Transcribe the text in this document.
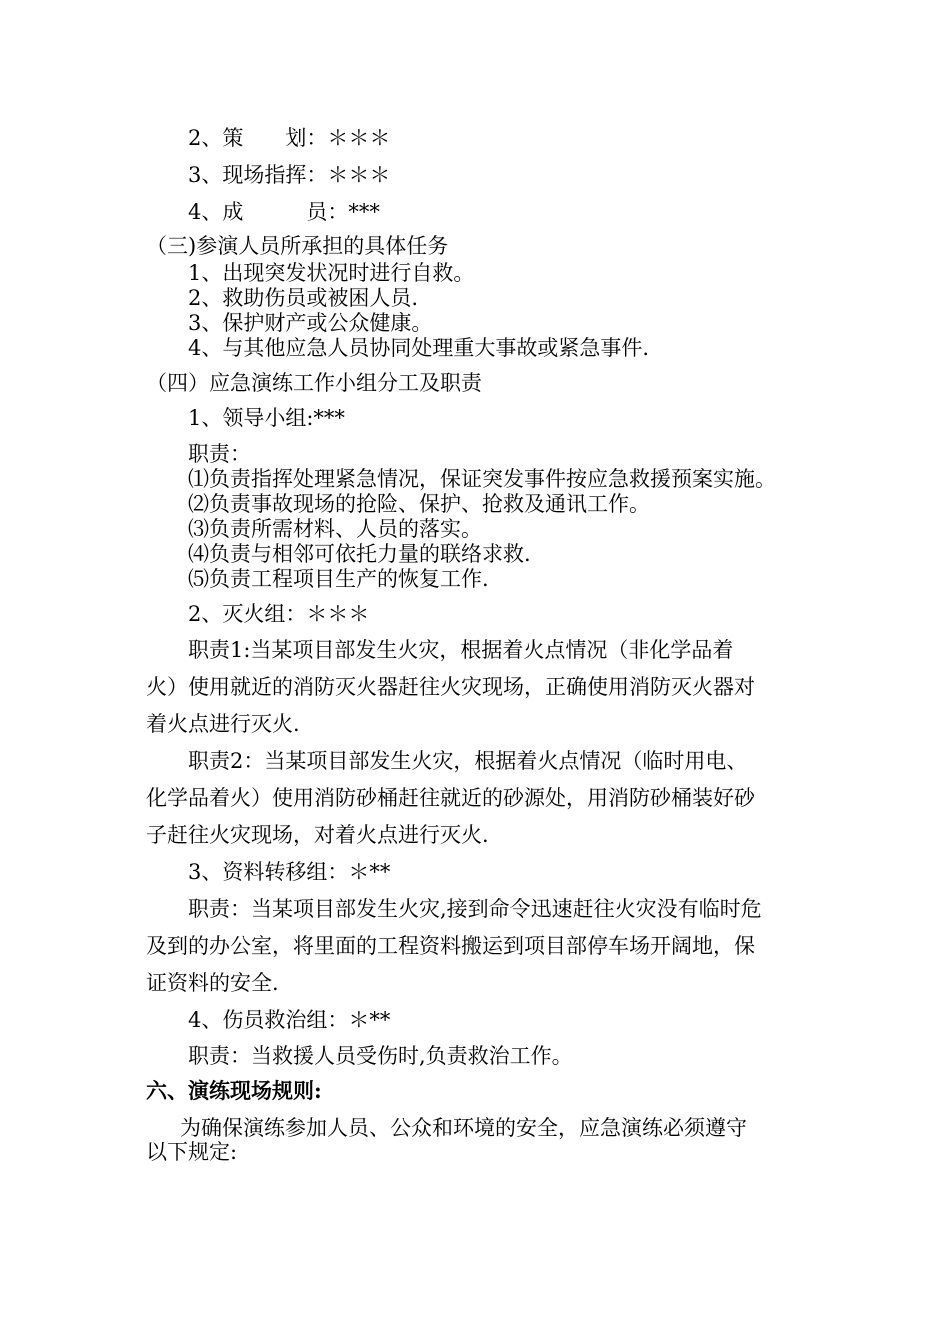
2、策　　划：＊＊＊
3、现场指挥：＊＊＊
4、成　　　员：***
（三)参演人员所承担的具体任务
1、出现突发状况时进行自救。
2、救助伤员或被困人员.
3、保护财产或公众健康。
4、与其他应急人员协同处理重大事故或紧急事件.
（四）应急演练工作小组分工及职责
1、领导小组:***
职责：
⑴负责指挥处理紧急情况，保证突发事件按应急救援预案实施。
⑵负责事故现场的抢险、保护、抢救及通讯工作。
⑶负责所需材料、人员的落实。
⑷负责与相邻可依托力量的联络求救.
⑸负责工程项目生产的恢复工作.
2、灭火组：＊＊＊
职责1:当某项目部发生火灾，根据着火点情况（非化学品着
火）使用就近的消防灭火器赶往火灾现场，正确使用消防灭火器对
着火点进行灭火.
职责2：当某项目部发生火灾，根据着火点情况（临时用电、
化学品着火）使用消防砂桶赶往就近的砂源处，用消防砂桶装好砂
子赶往火灾现场，对着火点进行灭火.
3、资料转移组：＊**
职责：当某项目部发生火灾,接到命令迅速赶往火灾没有临时危
及到的办公室，将里面的工程资料搬运到项目部停车场开阔地，保
证资料的安全.
4、伤员救治组：＊**
职责：当救援人员受伤时,负责救治工作。
六、演练现场规则:
为确保演练参加人员、公众和环境的安全，应急演练必须遵守
以下规定:
